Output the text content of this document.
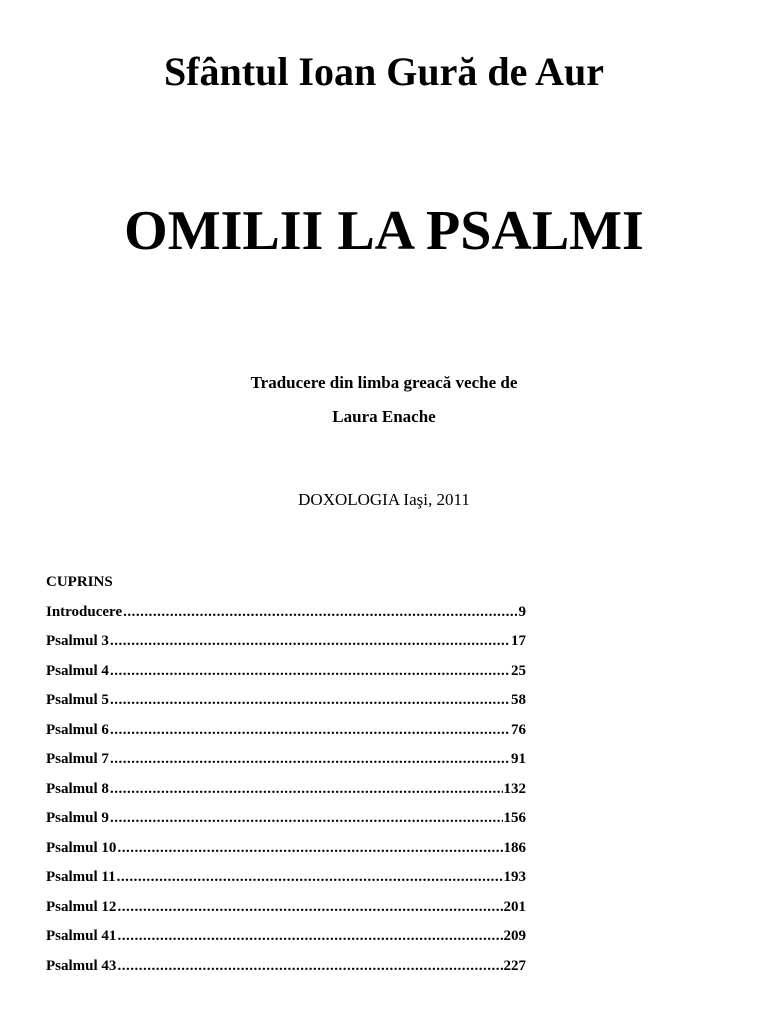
Sfântul Ioan Gură de Aur
OMILII LA PSALMI
Traducere din limba greacă veche de
Laura Enache
DOXOLOGIA Iaşi, 2011
CUPRINS
Introducere .....	9
Psalmul 3 .....	17
Psalmul 4 .....	25
Psalmul 5 .....	58
Psalmul 6 .....	76
Psalmul 7 .....	91
Psalmul 8 .....	132
Psalmul 9 .....	156
Psalmul 10 .....	186
Psalmul 11 .....	193
Psalmul 12 .....	201
Psalmul 41 .....	209
Psalmul 43 .....	227
